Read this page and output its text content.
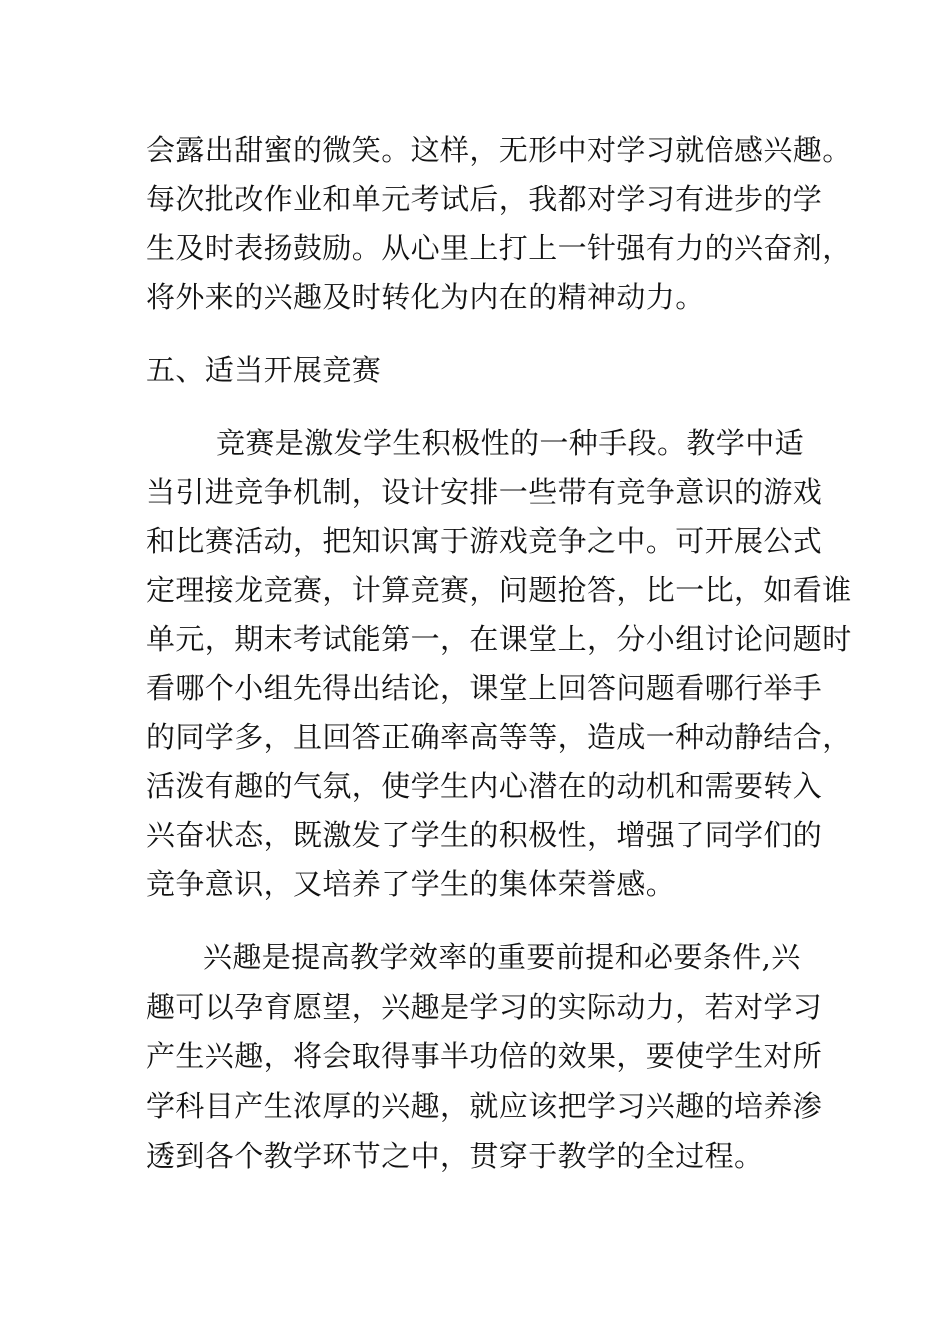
会露出甜蜜的微笑。这样，无形中对学习就倍感兴趣。
每次批改作业和单元考试后，我都对学习有进步的学
生及时表扬鼓励。从心里上打上一针强有力的兴奋剂，
将外来的兴趣及时转化为内在的精神动力。
五、适当开展竞赛
竞赛是激发学生积极性的一种手段。教学中适
当引进竞争机制，设计安排一些带有竞争意识的游戏
和比赛活动，把知识寓于游戏竞争之中。可开展公式
定理接龙竞赛，计算竞赛，问题抢答，比一比，如看谁
单元，期末考试能第一，在课堂上，分小组讨论问题时
看哪个小组先得出结论，课堂上回答问题看哪行举手
的同学多，且回答正确率高等等，造成一种动静结合，
活泼有趣的气氛，使学生内心潜在的动机和需要转入
兴奋状态，既激发了学生的积极性，增强了同学们的
竞争意识，又培养了学生的集体荣誉感。
兴趣是提高教学效率的重要前提和必要条件,兴
趣可以孕育愿望，兴趣是学习的实际动力，若对学习
产生兴趣，将会取得事半功倍的效果，要使学生对所
学科目产生浓厚的兴趣，就应该把学习兴趣的培养渗
透到各个教学环节之中，贯穿于教学的全过程。
